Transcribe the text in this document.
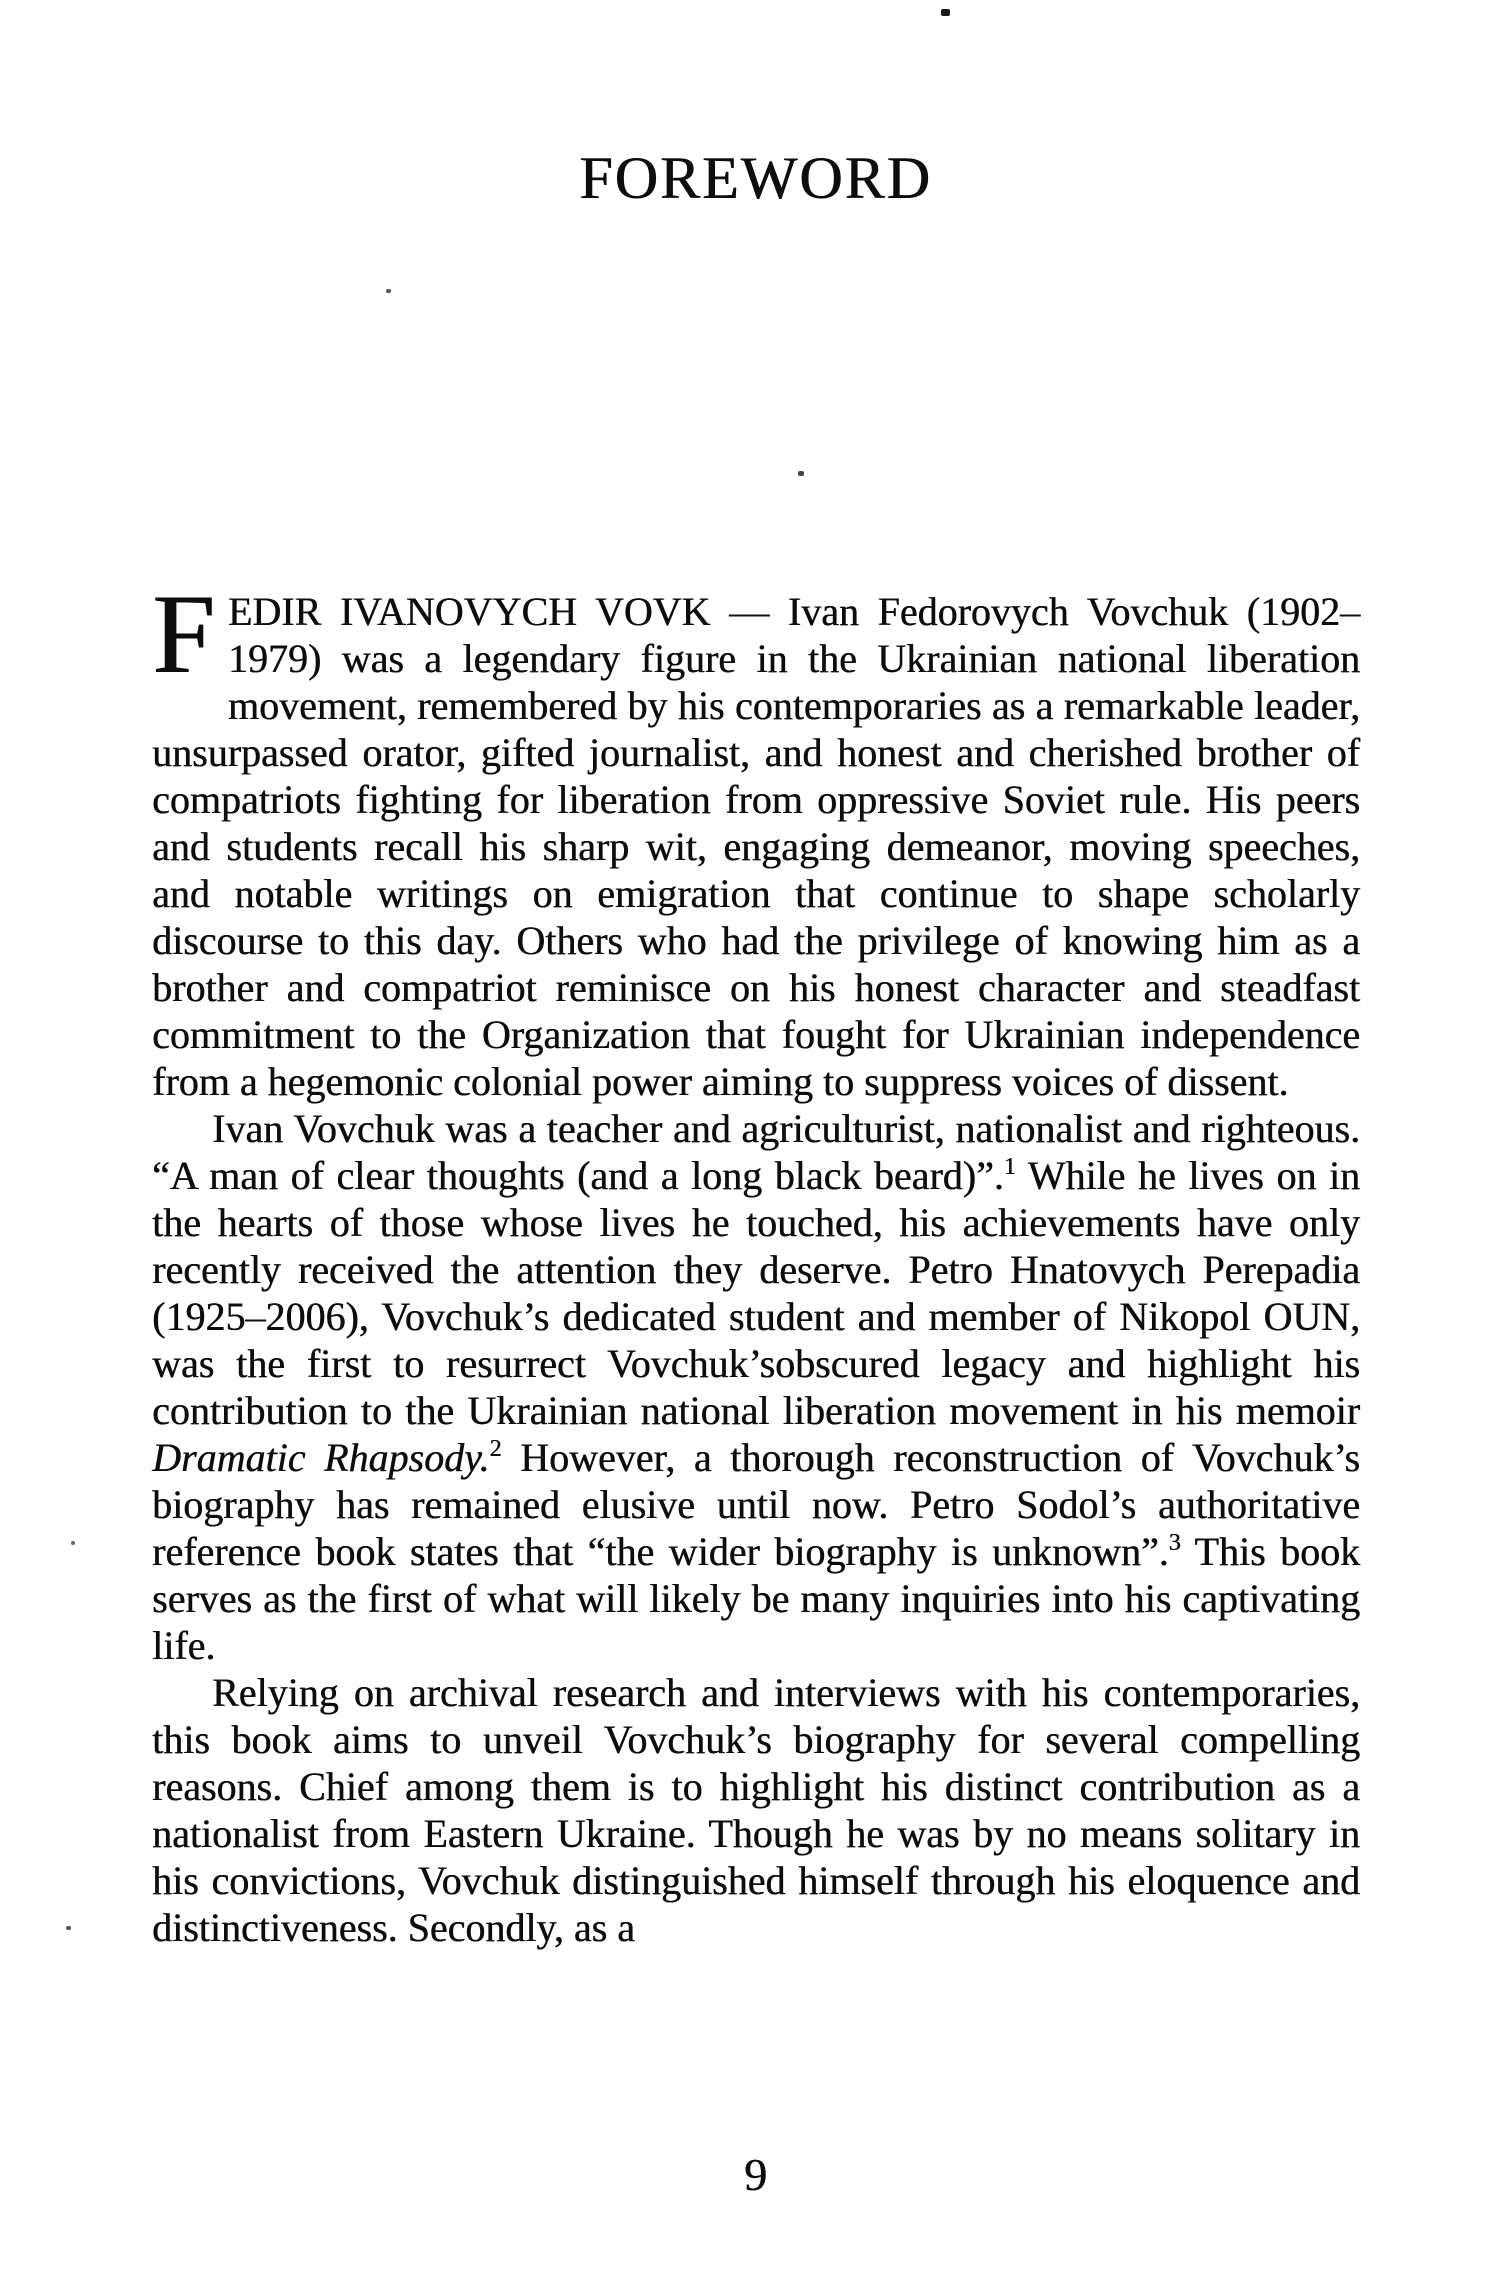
FOREWORD

FEDIR IVANOVYCH VOVK — Ivan Fedorovych Vovchuk (1902–1979) was a legendary figure in the Ukrainian national liberation movement, remembered by his contemporaries as a remarkable leader, unsurpassed orator, gifted journalist, and honest and cherished brother of compatriots fighting for liberation from oppressive Soviet rule. His peers and students recall his sharp wit, engaging demeanor, moving speeches, and notable writings on emigration that continue to shape scholarly discourse to this day. Others who had the privilege of knowing him as a brother and compatriot reminisce on his honest character and steadfast commitment to the Organization that fought for Ukrainian independence from a hegemonic colonial power aiming to suppress voices of dissent.

Ivan Vovchuk was a teacher and agriculturist, nationalist and righteous. “A man of clear thoughts (and a long black beard)”.$^1$ While he lives on in the hearts of those whose lives he touched, his achievements have only recently received the attention they deserve. Petro Hnatovych Perepadia (1925–2006), Vovchuk’s dedicated student and member of Nikopol OUN, was the first to resurrect Vovchuk’sobscured legacy and highlight his contribution to the Ukrainian national liberation movement in his memoir Dramatic Rhapsody.$^2$ However, a thorough reconstruction of Vovchuk’s biography has remained elusive until now. Petro Sodol’s authoritative reference book states that “the wider biography is unknown”.$^3$ This book serves as the first of what will likely be many inquiries into his captivating life.

Relying on archival research and interviews with his contemporaries, this book aims to unveil Vovchuk’s biography for several compelling reasons. Chief among them is to highlight his distinct contribution as a nationalist from Eastern Ukraine. Though he was by no means solitary in his convictions, Vovchuk distinguished himself through his eloquence and distinctiveness. Secondly, as a

9
